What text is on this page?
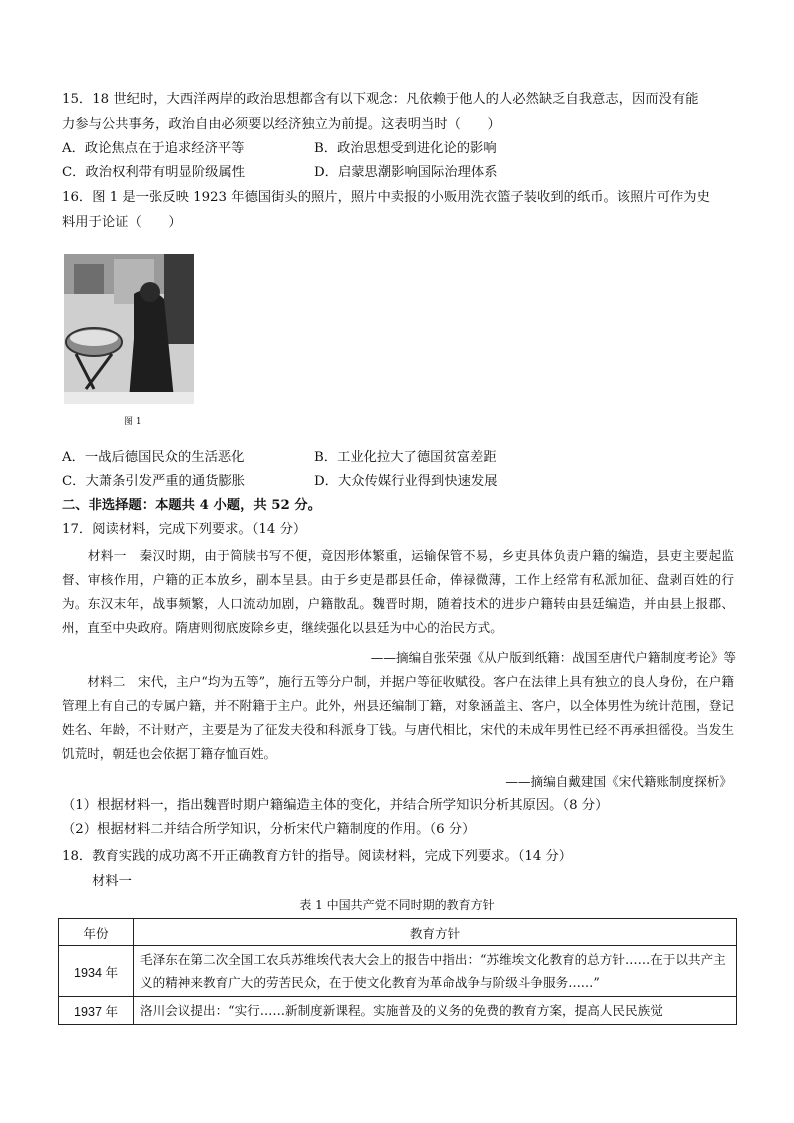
15．18 世纪时，大西洋两岸的政治思想都含有以下观念：凡依赖于他人的人必然缺乏自我意志，因而没有能
力参与公共事务，政治自由必须要以经济独立为前提。这表明当时（　　）
A．政论焦点在于追求经济平等	B．政治思想受到进化论的影响
C．政治权利带有明显阶级属性	D．启蒙思潮影响国际治理体系
16．图 1 是一张反映 1923 年德国街头的照片，照片中卖报的小贩用洗衣篮子装收到的纸币。该照片可作为史
料用于论证（　　）
图 1
A．一战后德国民众的生活恶化	B．工业化拉大了德国贫富差距
C．大萧条引发严重的通货膨胀	D．大众传媒行业得到快速发展
二、非选择题：本题共 4 小题，共 52 分。
17．阅读材料，完成下列要求。（14 分）
　　材料一　秦汉时期，由于简牍书写不便，竟因形体繁重，运输保管不易，乡吏具体负责户籍的编造，县吏主要起监督、审核作用，户籍的正本放乡，副本呈县。由于乡吏是郡县任命，俸禄微薄，工作上经常有私派加征、盘剥百姓的行为。东汉末年，战事频繁，人口流动加剧，户籍散乱。魏晋时期，随着技术的进步户籍转由县廷编造，并由县上报郡、州，直至中央政府。隋唐则彻底废除乡吏，继续强化以县廷为中心的治民方式。
——摘编自张荣强《从户版到纸籍：战国至唐代户籍制度考论》等
　　材料二　宋代，主户“均为五等”，施行五等分户制，并据户等征收赋役。客户在法律上具有独立的良人身份，在户籍管理上有自己的专属户籍，并不附籍于主户。此外，州县还编制丁籍，对象涵盖主、客户，以全体男性为统计范围，登记姓名、年龄，不计财产，主要是为了征发夫役和科派身丁钱。与唐代相比，宋代的未成年男性已经不再承担徭役。当发生饥荒时，朝廷也会依据丁籍存恤百姓。
——摘编自戴建国《宋代籍账制度探析》
（1）根据材料一，指出魏晋时期户籍编造主体的变化，并结合所学知识分析其原因。（8 分）
（2）根据材料二并结合所学知识，分析宋代户籍制度的作用。（6 分）
18．教育实践的成功离不开正确教育方针的指导。阅读材料，完成下列要求。（14 分）
材料一
表 1 中国共产党不同时期的教育方针
年份	教育方针
1934 年	毛泽东在第二次全国工农兵苏维埃代表大会上的报告中指出：“苏维埃文化教育的总方针……在于以共产主义的精神来教育广大的劳苦民众，在于使文化教育为革命战争与阶级斗争服务……”
1937 年	洛川会议提出：“实行……新制度新课程。实施普及的义务的免费的教育方案，提高人民民族觉
